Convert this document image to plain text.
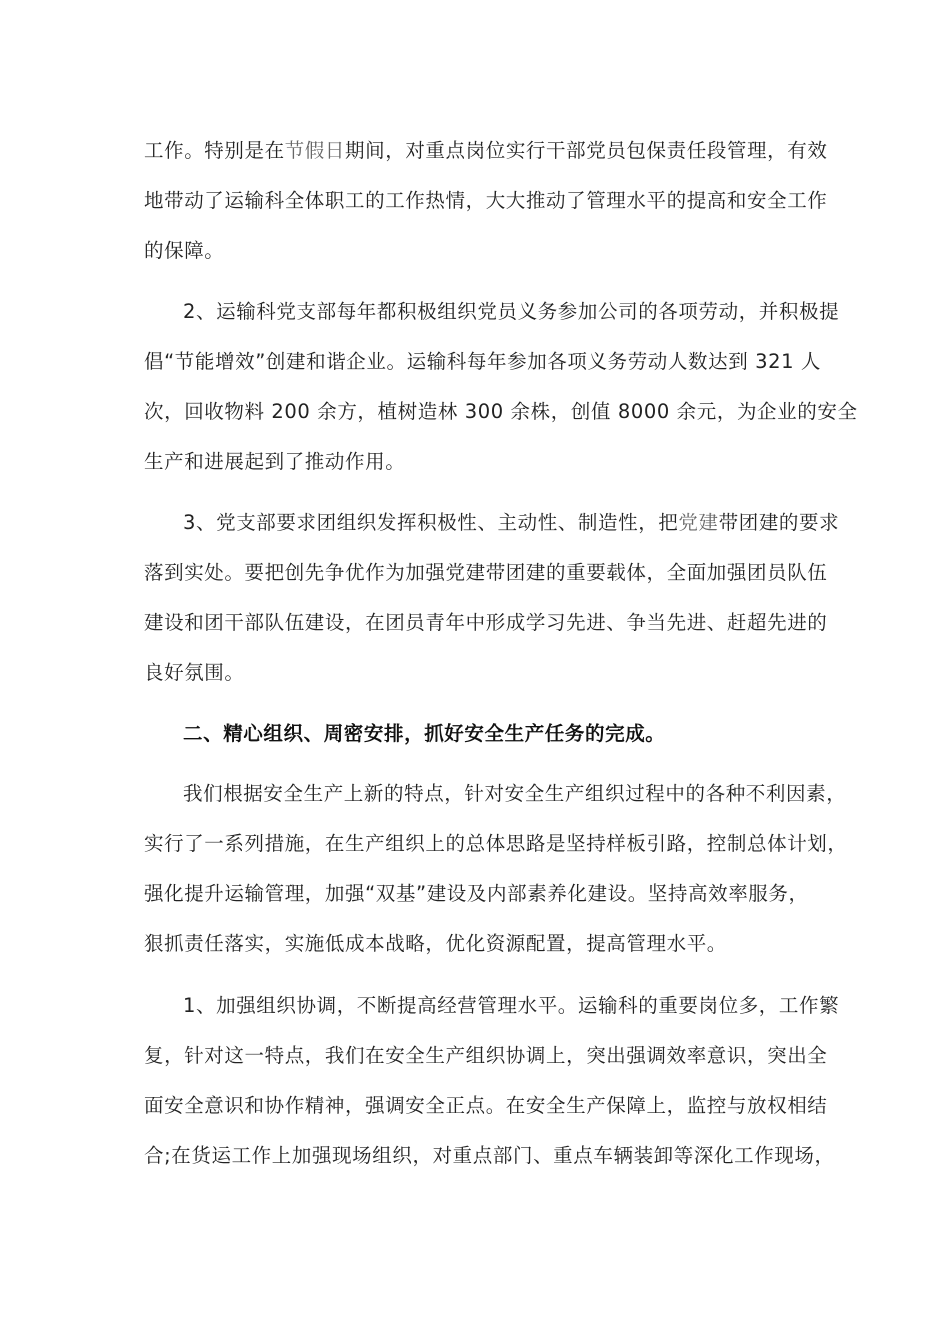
工作。特别是在节假日期间，对重点岗位实行干部党员包保责任段管理，有效
地带动了运输科全体职工的工作热情，大大推动了管理水平的提高和安全工作
的保障。
2、运输科党支部每年都积极组织党员义务参加公司的各项劳动，并积极提
倡“节能增效”创建和谐企业。运输科每年参加各项义务劳动人数达到 321 人
次，回收物料 200 余方，植树造林 300 余株，创值 8000 余元，为企业的安全
生产和进展起到了推动作用。
3、党支部要求团组织发挥积极性、主动性、制造性，把党建带团建的要求
落到实处。要把创先争优作为加强党建带团建的重要载体，全面加强团员队伍
建设和团干部队伍建设，在团员青年中形成学习先进、争当先进、赶超先进的
良好氛围。
二、精心组织、周密安排，抓好安全生产任务的完成。
我们根据安全生产上新的特点，针对安全生产组织过程中的各种不利因素，
实行了一系列措施，在生产组织上的总体思路是坚持样板引路，控制总体计划，
强化提升运输管理，加强“双基”建设及内部素养化建设。坚持高效率服务，
狠抓责任落实，实施低成本战略，优化资源配置，提高管理水平。
1、加强组织协调，不断提高经营管理水平。运输科的重要岗位多，工作繁
复，针对这一特点，我们在安全生产组织协调上，突出强调效率意识，突出全
面安全意识和协作精神，强调安全正点。在安全生产保障上，监控与放权相结
合;在货运工作上加强现场组织，对重点部门、重点车辆装卸等深化工作现场，
